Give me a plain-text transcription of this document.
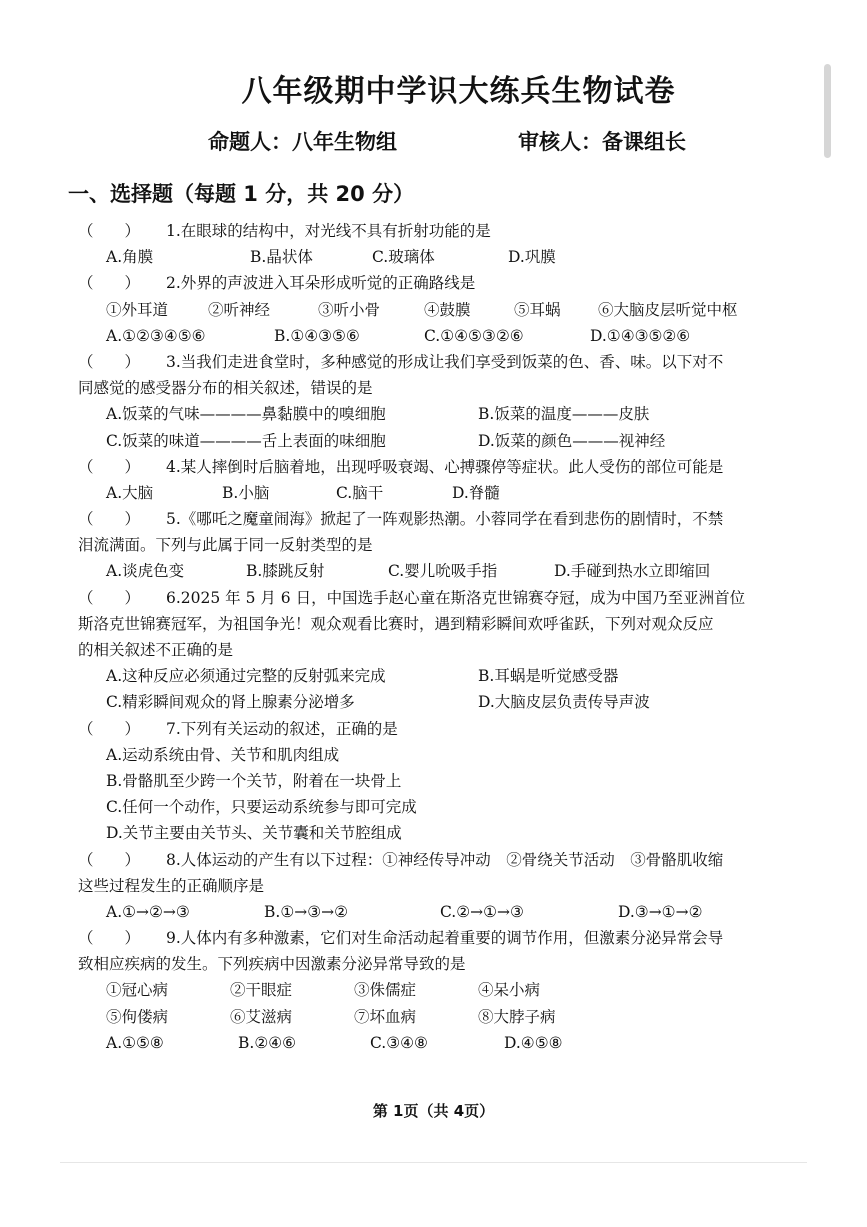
八年级期中学识大练兵生物试卷
命题人：八年生物组	审核人：备课组长
一、选择题（每题 1 分，共 20 分）
（　　） 1.在眼球的结构中，对光线不具有折射功能的是
A.角膜	B.晶状体	C.玻璃体	D.巩膜
（　　） 2.外界的声波进入耳朵形成听觉的正确路线是
①外耳道	②听神经	③听小骨	④鼓膜	⑤耳蜗 ⑥大脑皮层听觉中枢
A.①②③④⑤⑥	B.①④③⑤⑥	C.①④⑤③②⑥	D.①④③⑤②⑥
（　　） 3.当我们走进食堂时，多种感觉的形成让我们享受到饭菜的色、香、味。以下对不
同感觉的感受器分布的相关叙述，错误的是
A.饭菜的气味————鼻黏膜中的嗅细胞	B.饭菜的温度———皮肤
C.饭菜的味道————舌上表面的味细胞	D.饭菜的颜色———视神经
（　　） 4.某人摔倒时后脑着地，出现呼吸衰竭、心搏骤停等症状。此人受伤的部位可能是
A.大脑	B.小脑	C.脑干	D.脊髓
（　　） 5.《哪吒之魔童闹海》掀起了一阵观影热潮。小蓉同学在看到悲伤的剧情时，不禁
泪流满面。下列与此属于同一反射类型的是
A.谈虎色变	B.膝跳反射	C.婴儿吮吸手指	D.手碰到热水立即缩回
（　　） 6.2025 年 5 月 6 日，中国选手赵心童在斯洛克世锦赛夺冠，成为中国乃至亚洲首位
斯洛克世锦赛冠军，为祖国争光！观众观看比赛时，遇到精彩瞬间欢呼雀跃，下列对观众反应
的相关叙述不正确的是
A.这种反应必须通过完整的反射弧来完成	B.耳蜗是听觉感受器
C.精彩瞬间观众的肾上腺素分泌增多	D.大脑皮层负责传导声波
（　　） 7.下列有关运动的叙述，正确的是
A.运动系统由骨、关节和肌肉组成
B.骨骼肌至少跨一个关节，附着在一块骨上
C.任何一个动作，只要运动系统参与即可完成
D.关节主要由关节头、关节囊和关节腔组成
（　　） 8.人体运动的产生有以下过程：①神经传导冲动　②骨绕关节活动　③骨骼肌收缩
这些过程发生的正确顺序是
A.①→②→③	B.①→③→②	C.②→①→③	D.③→①→②
（　　） 9.人体内有多种激素，它们对生命活动起着重要的调节作用，但激素分泌异常会导
致相应疾病的发生。下列疾病中因激素分泌异常导致的是
①冠心病	②干眼症	③侏儒症	④呆小病
⑤佝偻病	⑥艾滋病	⑦坏血病	⑧大脖子病
A.①⑤⑧	B.②④⑥	C.③④⑧	D.④⑤⑧
第 1页（共 4页）
